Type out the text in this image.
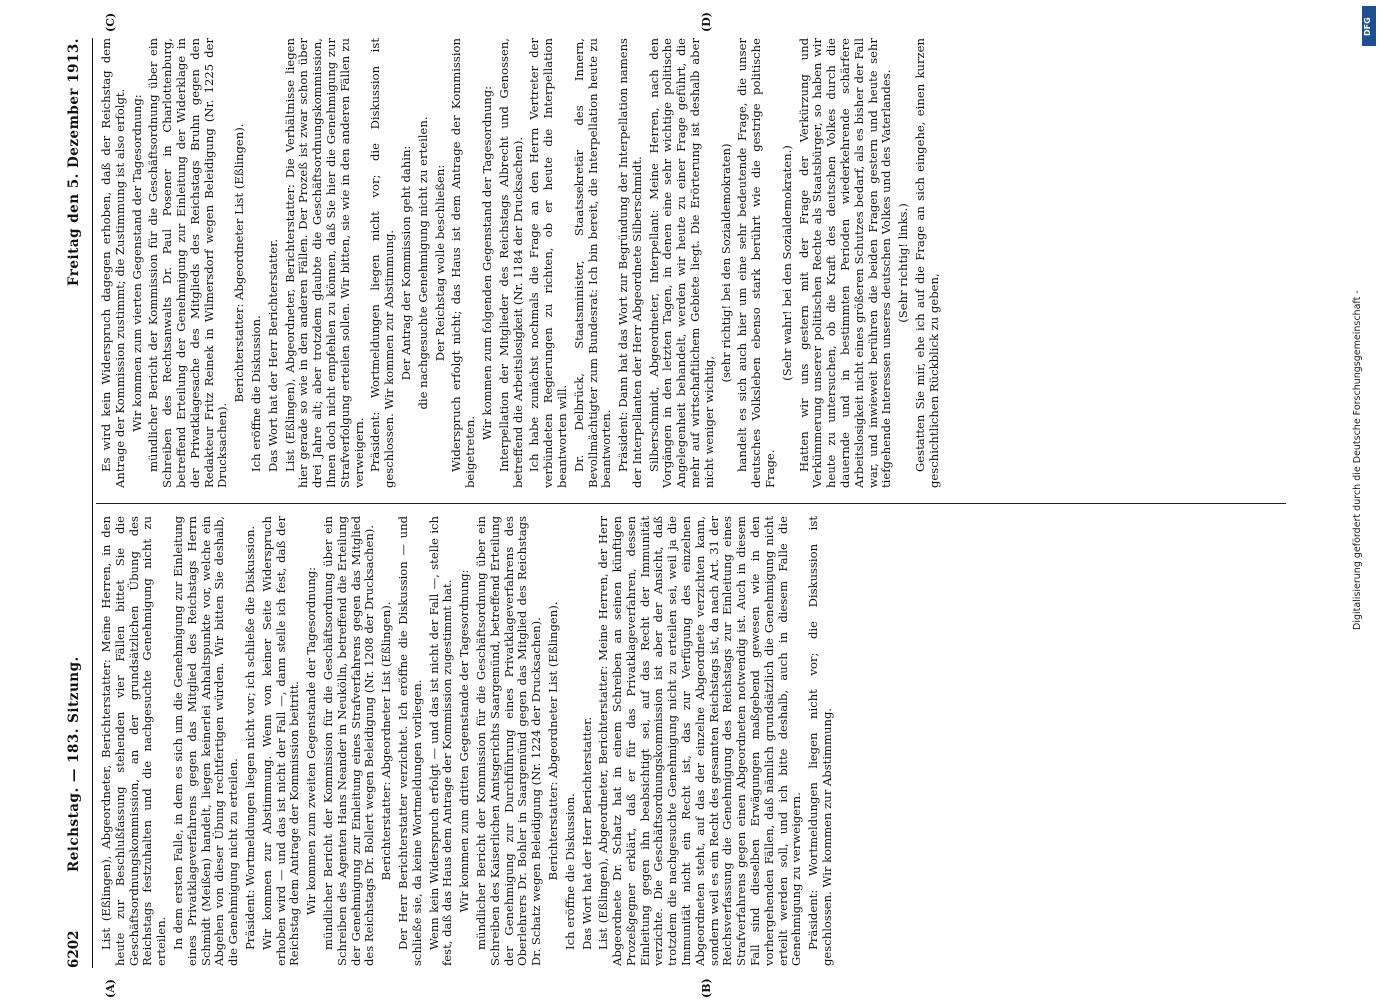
DFG
Digitalisierung gefördert durch die Deutsche Forschungsgemeinschaft -
6202
Reichstag. — 183. Sitzung.
Freitag den 5. Dezember 1913.
(A)	(B)
(C)	(D)

List (Eßlingen), Abgeordneter, Berichterstatter: Meine Herren, in den heute zur Beschlußfassung stehenden vier Fällen bittet Sie die Geschäftsordnungskommission, an der grundsätzlichen Übung des Reichstags festzuhalten und die nachgesuchte Genehmigung nicht zu erteilen. In dem ersten Falle, in dem es sich um die Genehmigung zur Einleitung eines Privatklageverfahrens gegen das Mitglied des Reichstags Herrn Schmidt (Meißen) handelt, liegen keinerlei Anhaltspunkte vor, welche ein Abgehen von dieser Übung rechtfertigen würden. Wir bitten Sie deshalb, die Genehmigung nicht zu erteilen. Präsident: Wortmeldungen liegen nicht vor; ich schließe die Diskussion. Wir kommen zur Abstimmung. Wenn von keiner Seite Widerspruch erhoben wird — und das ist nicht der Fall —, dann stelle ich fest, daß der Reichstag dem Antrage der Kommission beitritt. Wir kommen zum zweiten Gegenstande der Tagesordnung: mündlicher Bericht der Kommission für die Geschäftsordnung über ein Schreiben des Agenten Hans Neander in Neukölln, betreffend die Erteilung der Genehmigung zur Einleitung eines Strafverfahrens gegen das Mitglied des Reichstags Dr. Bollert wegen Beleidigung (Nr. 1208 der Drucksachen). Berichterstatter: Abgeordneter List (Eßlingen). Der Herr Berichterstatter verzichtet. Ich eröffne die Diskussion — und schließe sie, da keine Wortmeldungen vorliegen. Wenn kein Widerspruch erfolgt — und das ist nicht der Fall —, stelle ich fest, daß das Haus dem Antrage der Kommission zugestimmt hat. Wir kommen zum dritten Gegenstande der Tagesordnung: mündlicher Bericht der Kommission für die Geschäftsordnung über ein Schreiben des Kaiserlichen Amtsgerichts Saargemünd, betreffend Erteilung der Genehmigung zur Durchführung eines Privatklageverfahrens des Oberlehrers Dr. Bohler in Saargemünd gegen das Mitglied des Reichstags Dr. Schatz wegen Beleidigung (Nr. 1224 der Drucksachen). Berichterstatter: Abgeordneter List (Eßlingen). Ich eröffne die Diskussion. Das Wort hat der Herr Berichterstatter. List (Eßlingen), Abgeordneter, Berichterstatter: Meine Herren, der Herr Abgeordnete Dr. Schatz hat in einem Schreiben an seinen künftigen Prozeßgegner erklärt, daß er für das Privatklageverfahren, dessen Einleitung gegen ihn beabsichtigt sei, auf das Recht der Immunität verzichte. Die Geschäftsordnungskommission ist aber der Ansicht, daß trotzdem die nachgesuchte Genehmigung nicht zu erteilen sei, weil ja die Immunität nicht ein Recht ist, das zur Verfügung des einzelnen Abgeordneten steht, auf das der einzelne Abgeordnete verzichten kann, sondern weil es ein Recht des gesamten Reichstags ist, da nach Art. 31 der Reichsverfassung die Genehmigung des Reichstags zur Einleitung eines Strafverfahrens gegen einen Abgeordneten notwendig ist. Auch in diesem Fall sind dieselben Erwägungen maßgebend gewesen wie in den vorhergehenden Fällen, daß nämlich grundsätzlich die Genehmigung nicht erteilt werden soll, und ich bitte deshalb, auch in diesem Falle die Genehmigung zu verweigern. Präsident: Wortmeldungen liegen nicht vor; die Diskussion ist geschlossen. Wir kommen zur Abstimmung.

Es wird kein Widerspruch dagegen erhoben, daß der Reichstag dem Antrage der Kommission zustimmt; die Zustimmung ist also erfolgt. Wir kommen zum vierten Gegenstand der Tagesordnung: mündlicher Bericht der Kommission für die Geschäftsordnung über ein Schreiben des Rechtsanwalts Dr. Paul Posener in Charlottenburg, betreffend Erteilung der Genehmigung zur Einleitung der Widerklage in der Privatklagesache des Mitglieds des Reichstags Bruhn gegen den Redakteur Fritz Reinek in Wilmersdorf wegen Beleidigung (Nr. 1225 der Drucksachen).

Berichterstatter: Abgeordneter List (Eßlingen). Ich eröffne die Diskussion. Das Wort hat der Herr Berichterstatter. List (Eßlingen), Abgeordneter, Berichterstatter: Die Verhältnisse liegen hier gerade so wie in den anderen Fällen. Der Prozeß ist zwar schon über drei Jahre alt; aber trotzdem glaubte die Geschäftsordnungskommission, Ihnen doch nicht empfehlen zu können, daß Sie hier die Genehmigung zur Strafverfolgung erteilen sollen. Wir bitten, sie wie in den anderen Fällen zu verweigern. Präsident: Wortmeldungen liegen nicht vor; die Diskussion ist geschlossen. Wir kommen zur Abstimmung. Der Antrag der Kommission geht dahin: die nachgesuchte Genehmigung nicht zu erteilen. Der Reichstag wolle beschließen: Widerspruch erfolgt nicht; das Haus ist dem Antrage der Kommission beigetreten.

Wir kommen zum folgenden Gegenstand der Tagesordnung: Interpellation der Mitglieder des Reichstags Albrecht und Genossen, betreffend die Arbeitslosigkeit (Nr. 1184 der Drucksachen). Ich habe zunächst nochmals die Frage an den Herrn Vertreter der verbündeten Regierungen zu richten, ob er heute die Interpellation beantworten will. Dr. Delbrück, Staatsminister, Staatssekretär des Innern, Bevollmächtigter zum Bundesrat: Ich bin bereit, die Interpellation heute zu beantworten. Präsident: Dann hat das Wort zur Begründung der Interpellation namens der Interpellanten der Herr Abgeordnete Silberschmidt. Silberschmidt, Abgeordneter, Interpellant: Meine Herren, nach den Vorgängen in den letzten Tagen, in denen eine sehr wichtige politische Angelegenheit behandelt, werden wir heute zu einer Frage geführt, die mehr auf wirtschaftlichem Gebiete liegt. Die Erörterung ist deshalb aber nicht weniger wichtig,

(sehr richtig! bei den Sozialdemokraten) handelt es sich auch hier um eine sehr bedeutende Frage, die unser deutsches Volksleben ebenso stark berührt wie die gestrige politische Frage.

(Sehr wahr! bei den Sozialdemokraten.) Hatten wir uns gestern mit der Frage der Verkürzung und Verkümmerung unserer politischen Rechte als Staatsbürger, so haben wir heute zu untersuchen, ob die Kraft des deutschen Volkes durch die dauernde und in bestimmten Perioden wiederkehrende schärfere Arbeitslosigkeit nicht eines größeren Schutzes bedarf, als es bisher der Fall war, und inwieweit berühren die beiden Fragen gestern und heute sehr tiefgehende Interessen unseres deutschen Volkes und des Vaterlandes. (Sehr richtig! links.) Gestatten Sie mir, ehe ich auf die Frage an sich eingehe, einen kurzen geschichtlichen Rückblick zu geben,
